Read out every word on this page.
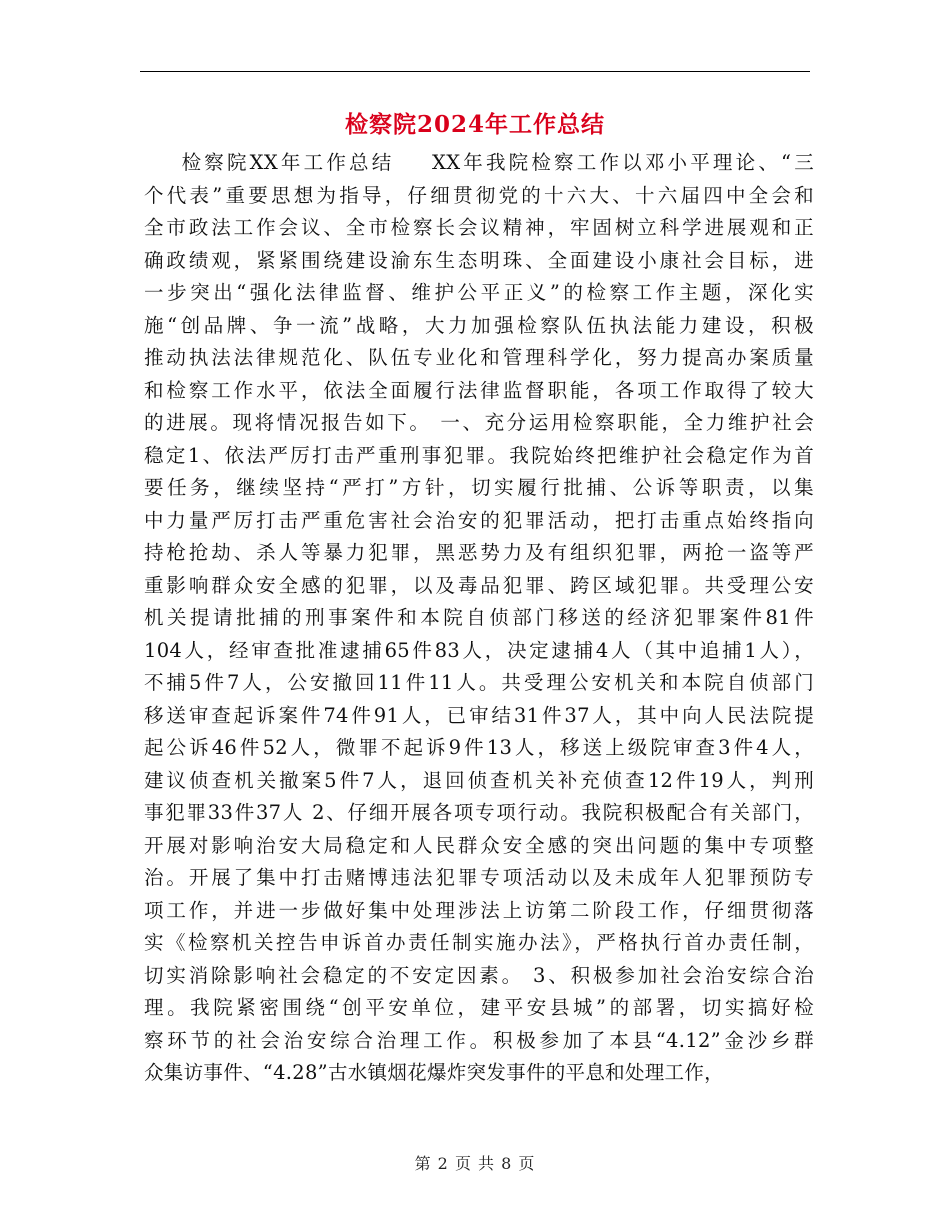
检察院2024年工作总结
检察院XX年工作总结    XX年我院检察工作以邓小平理论、“三
个代表”重要思想为指导，仔细贯彻党的十六大、十六届四中全会和
全市政法工作会议、全市检察长会议精神，牢固树立科学进展观和正
确政绩观，紧紧围绕建设渝东生态明珠、全面建设小康社会目标，进
一步突出“强化法律监督、维护公平正义”的检察工作主题，深化实
施“创品牌、争一流”战略，大力加强检察队伍执法能力建设，积极
推动执法法律规范化、队伍专业化和管理科学化，努力提高办案质量
和检察工作水平，依法全面履行法律监督职能，各项工作取得了较大
的进展。现将情况报告如下。 一、充分运用检察职能，全力维护社会
稳定1、依法严厉打击严重刑事犯罪。我院始终把维护社会稳定作为首
要任务，继续坚持“严打”方针，切实履行批捕、公诉等职责，以集
中力量严厉打击严重危害社会治安的犯罪活动，把打击重点始终指向
持枪抢劫、杀人等暴力犯罪，黑恶势力及有组织犯罪，两抢一盗等严
重影响群众安全感的犯罪，以及毒品犯罪、跨区域犯罪。共受理公安
机关提请批捕的刑事案件和本院自侦部门移送的经济犯罪案件81件
104人，经审查批准逮捕65件83人，决定逮捕4人（其中追捕1人），
不捕5件7人，公安撤回11件11人。共受理公安机关和本院自侦部门
移送审查起诉案件74件91人，已审结31件37人，其中向人民法院提
起公诉46件52人，微罪不起诉9件13人，移送上级院审查3件4人，
建议侦查机关撤案5件7人，退回侦查机关补充侦查12件19人，判刑
事犯罪33件37人 2、仔细开展各项专项行动。我院积极配合有关部门，
开展对影响治安大局稳定和人民群众安全感的突出问题的集中专项整
治。开展了集中打击赌博违法犯罪专项活动以及未成年人犯罪预防专
项工作，并进一步做好集中处理涉法上访第二阶段工作，仔细贯彻落
实《检察机关控告申诉首办责任制实施办法》，严格执行首办责任制，
切实消除影响社会稳定的不安定因素。 3、积极参加社会治安综合治
理。我院紧密围绕“创平安单位，建平安县城”的部署，切实搞好检
察环节的社会治安综合治理工作。积极参加了本县“4.12”金沙乡群
众集访事件、“4.28”古水镇烟花爆炸突发事件的平息和处理工作，
第 2 页 共 8 页
